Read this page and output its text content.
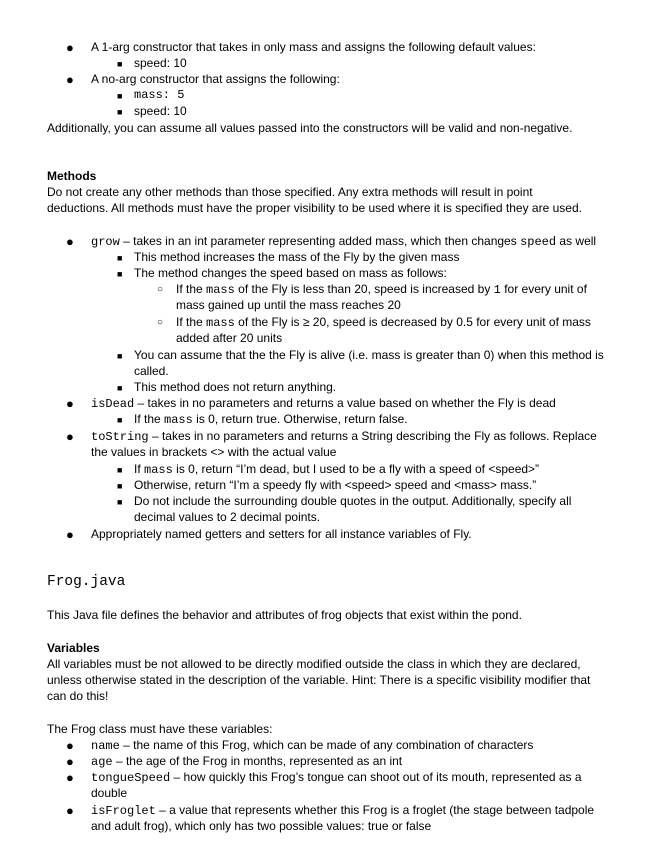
● A 1-arg constructor that takes in only mass and assigns the following default values:
■ speed: 10
● A no-arg constructor that assigns the following:
■ mass: 5
■ speed: 10
Additionally, you can assume all values passed into the constructors will be valid and non-negative.
Methods
Do not create any other methods than those specified. Any extra methods will result in point
deductions. All methods must have the proper visibility to be used where it is specified they are used.
● grow – takes in an int parameter representing added mass, which then changes speed as well
■ This method increases the mass of the Fly by the given mass
■ The method changes the speed based on mass as follows:
○ If the mass of the Fly is less than 20, speed is increased by 1 for every unit of
mass gained up until the mass reaches 20
○ If the mass of the Fly is ≥ 20, speed is decreased by 0.5 for every unit of mass
added after 20 units
■ You can assume that the the Fly is alive (i.e. mass is greater than 0) when this method is
called.
■ This method does not return anything.
● isDead – takes in no parameters and returns a value based on whether the Fly is dead
■ If the mass is 0, return true. Otherwise, return false.
● toString – takes in no parameters and returns a String describing the Fly as follows. Replace
the values in brackets <> with the actual value
■ If mass is 0, return “I’m dead, but I used to be a fly with a speed of <speed>”
■ Otherwise, return “I’m a speedy fly with <speed> speed and <mass> mass.”
■ Do not include the surrounding double quotes in the output. Additionally, specify all
decimal values to 2 decimal points.
● Appropriately named getters and setters for all instance variables of Fly.
Frog.java
This Java file defines the behavior and attributes of frog objects that exist within the pond.
Variables
All variables must be not allowed to be directly modified outside the class in which they are declared,
unless otherwise stated in the description of the variable. Hint: There is a specific visibility modifier that
can do this!
The Frog class must have these variables:
● name – the name of this Frog, which can be made of any combination of characters
● age – the age of the Frog in months, represented as an int
● tongueSpeed – how quickly this Frog’s tongue can shoot out of its mouth, represented as a
double
● isFroglet – a value that represents whether this Frog is a froglet (the stage between tadpole
and adult frog), which only has two possible values: true or false
